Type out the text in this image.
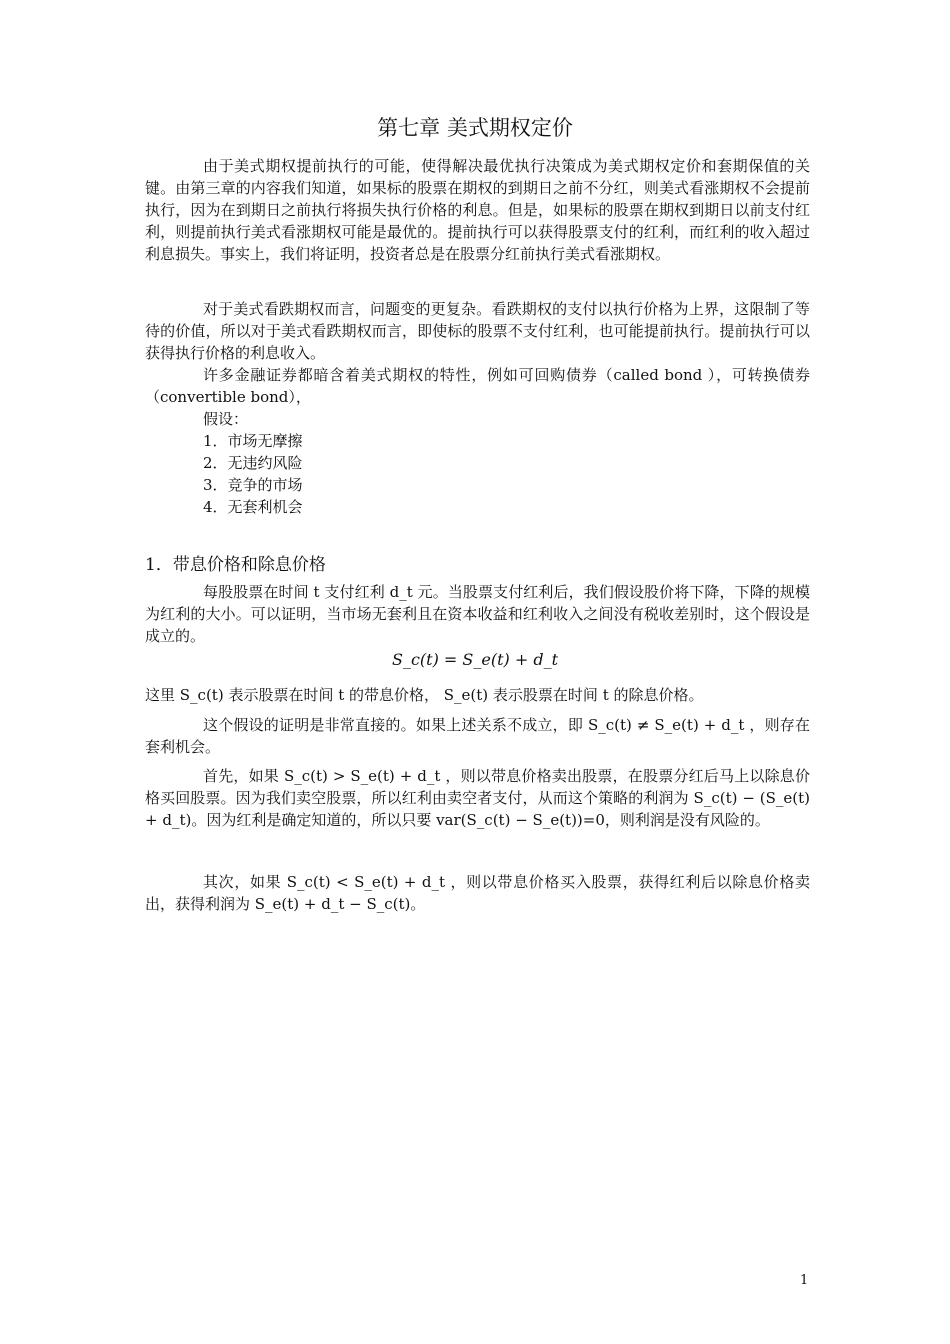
第七章 美式期权定价

由于美式期权提前执行的可能，使得解决最优执行决策成为美式期权定价和套期保值的关键。由第三章的内容我们知道，如果标的股票在期权的到期日之前不分红，则美式看涨期权不会提前执行，因为在到期日之前执行将损失执行价格的利息。但是，如果标的股票在期权到期日以前支付红利，则提前执行美式看涨期权可能是最优的。提前执行可以获得股票支付的红利，而红利的收入超过利息损失。事实上，我们将证明，投资者总是在股票分红前执行美式看涨期权。

对于美式看跌期权而言，问题变的更复杂。看跌期权的支付以执行价格为上界，这限制了等待的价值，所以对于美式看跌期权而言，即使标的股票不支付红利，也可能提前执行。提前执行可以获得执行价格的利息收入。

许多金融证券都暗含着美式期权的特性，例如可回购债券（called bond ），可转换债券（convertible bond），

假设：
1．市场无摩擦
2．无违约风险
3．竞争的市场
4．无套利机会
1．带息价格和除息价格

每股股票在时间 t 支付红利 d_t 元。当股票支付红利后，我们假设股价将下降，下降的规模为红利的大小。可以证明，当市场无套利且在资本收益和红利收入之间没有税收差别时，这个假设是成立的。

S_c(t) = S_e(t) + d_t

这里 S_c(t) 表示股票在时间 t 的带息价格， S_e(t) 表示股票在时间 t 的除息价格。

这个假设的证明是非常直接的。如果上述关系不成立，即 S_c(t) ≠ S_e(t) + d_t ，则存在套利机会。

首先，如果 S_c(t) > S_e(t) + d_t ，则以带息价格卖出股票，在股票分红后马上以除息价格买回股票。因为我们卖空股票，所以红利由卖空者支付，从而这个策略的利润为 S_c(t) − (S_e(t) + d_t)。因为红利是确定知道的，所以只要 var(S_c(t) − S_e(t))=0，则利润是没有风险的。

其次，如果 S_c(t) < S_e(t) + d_t ，则以带息价格买入股票，获得红利后以除息价格卖出，获得利润为 S_e(t) + d_t − S_c(t)。

1
